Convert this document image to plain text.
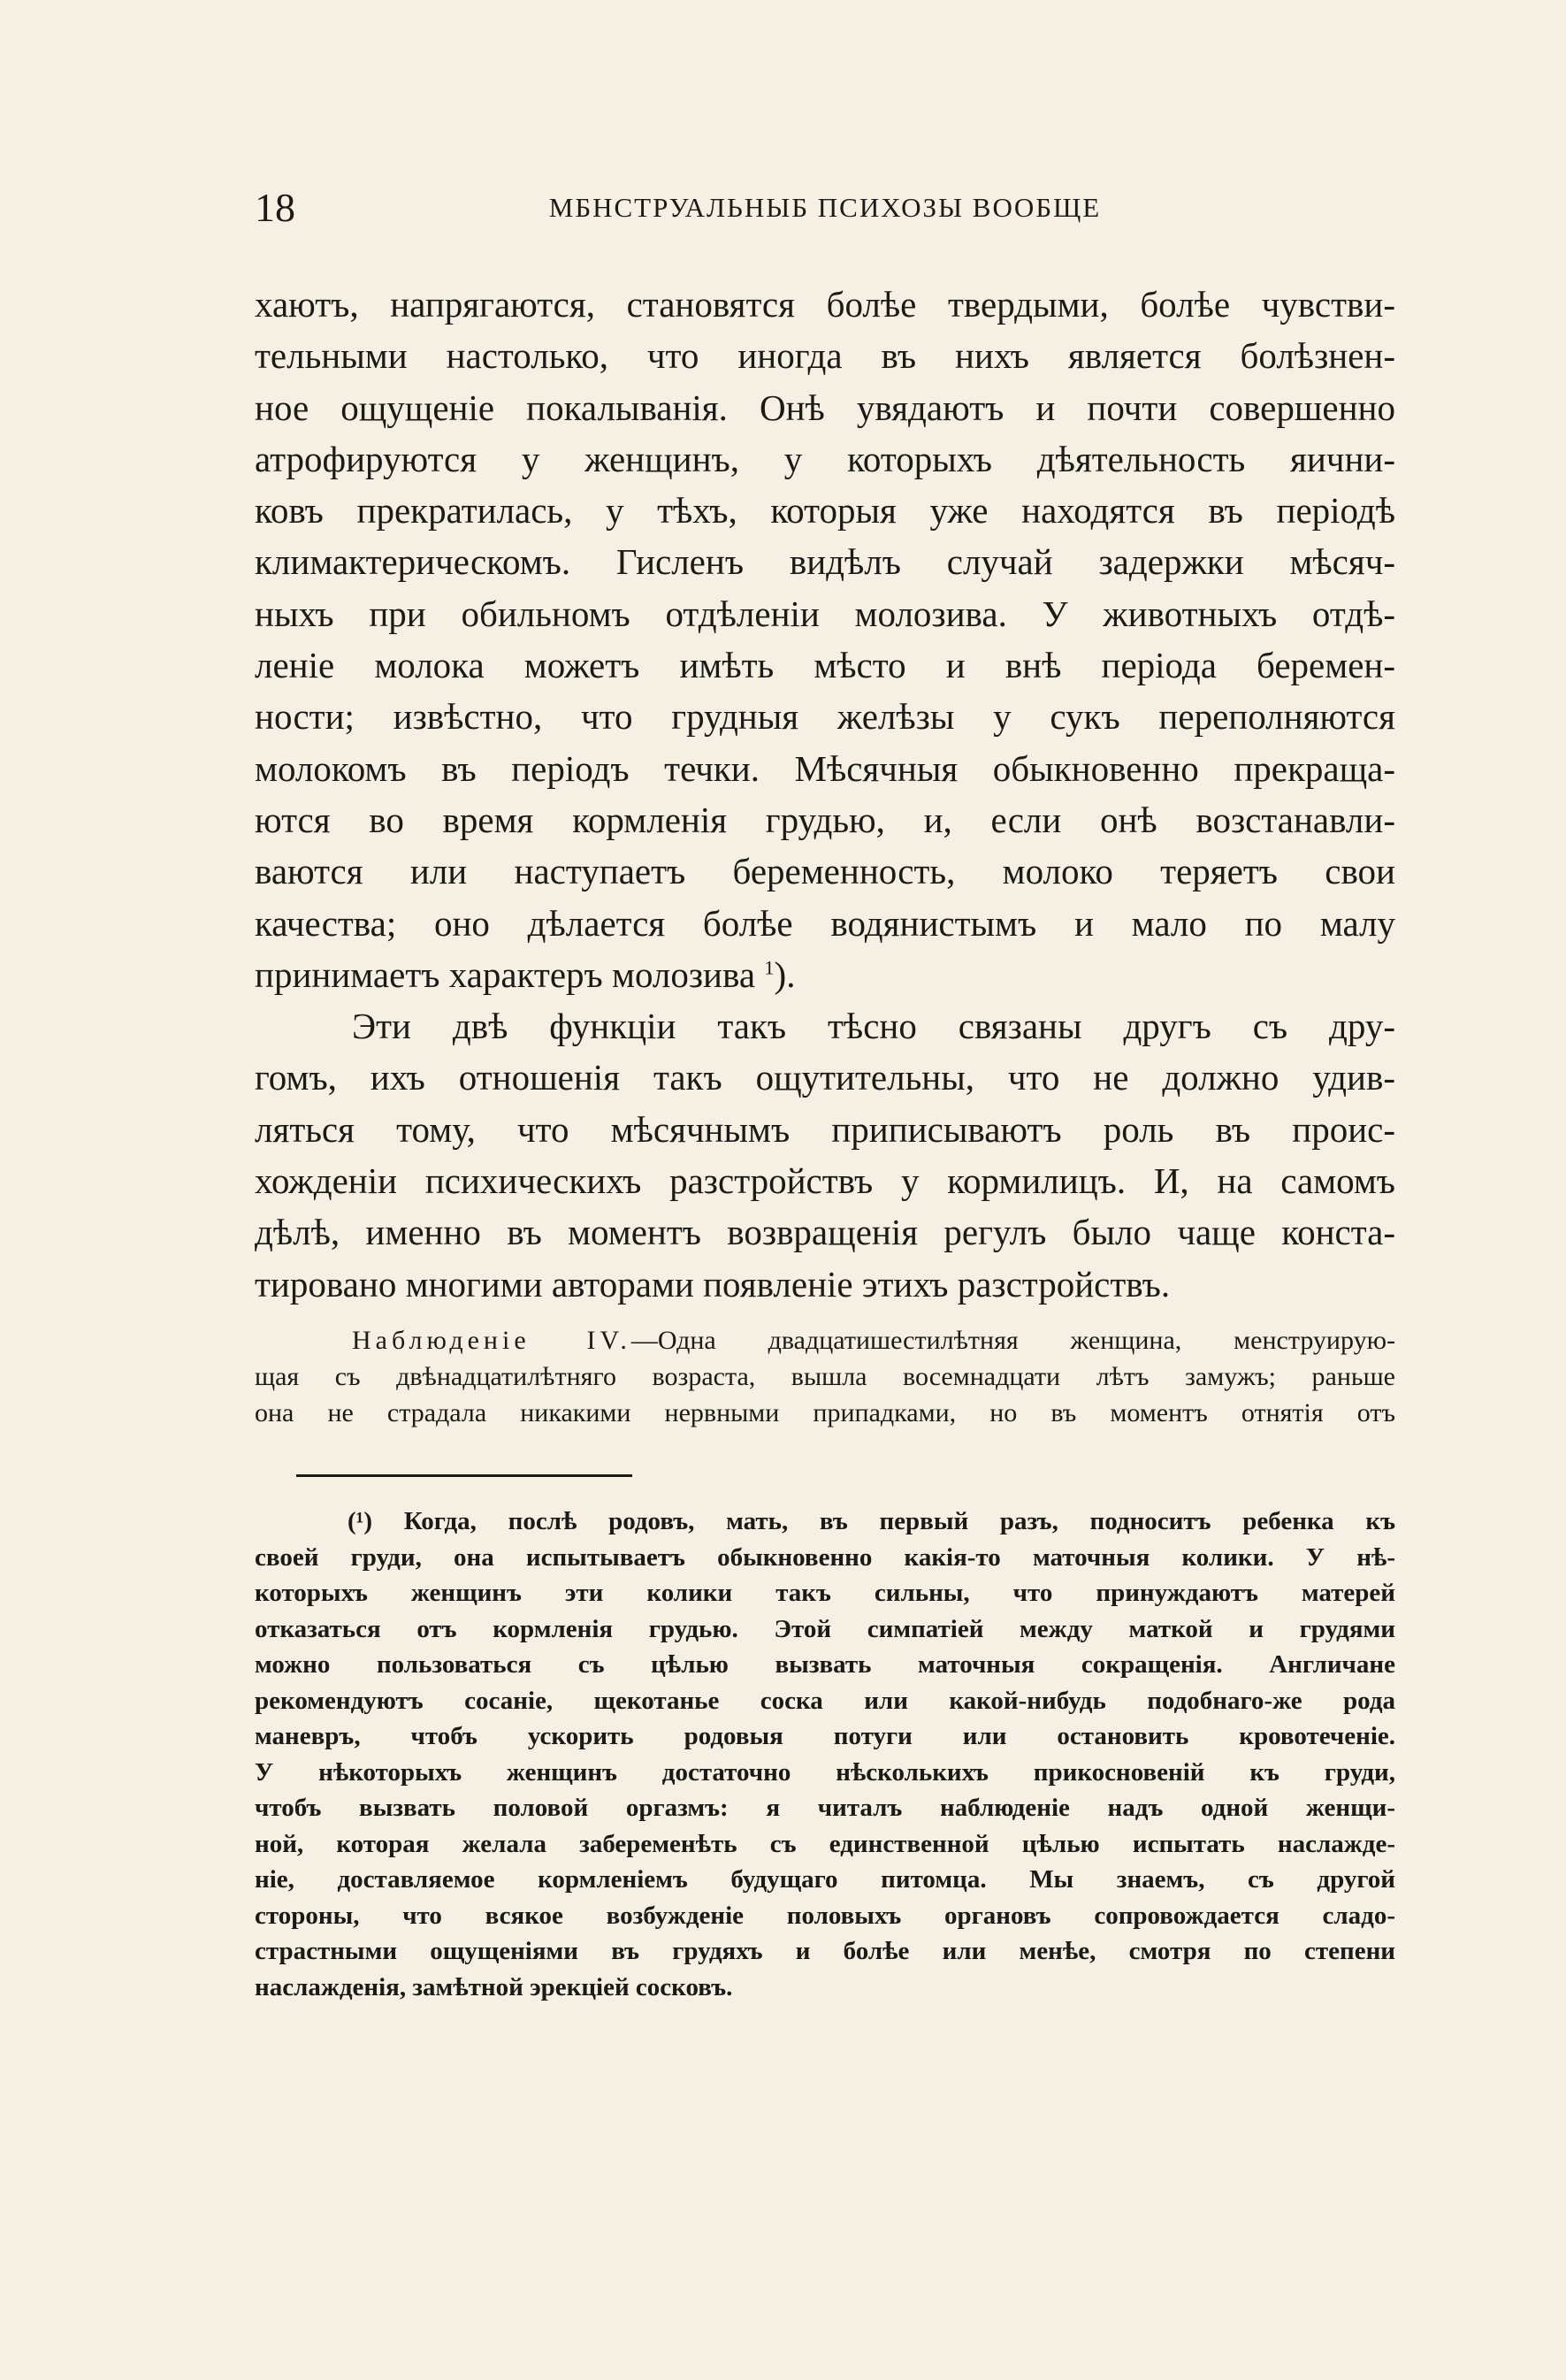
18	МБНСТРУАЛЬНЫБ ПСИХОЗЫ ВООБЩЕ
хаютъ, напрягаются, становятся болѣе твердыми, болѣе чувстви-
тельными настолько, что иногда въ нихъ является болѣзнен-
ное ощущеніе покалыванія. Онѣ увядаютъ и почти совершенно
атрофируются у женщинъ, у которыхъ дѣятельность яични-
ковъ прекратилась, у тѣхъ, которыя уже находятся въ періодѣ
климактерическомъ. Гисленъ видѣлъ случай задержки мѣсяч-
ныхъ при обильномъ отдѣленіи молозива. У животныхъ отдѣ-
леніе молока можетъ имѣть мѣсто и внѣ періода беремен-
ности; извѣстно, что грудныя желѣзы у сукъ переполняются
молокомъ въ періодъ течки. Мѣсячныя обыкновенно прекраща-
ются во время кормленія грудью, и, если онѣ возстанавли-
ваются или наступаетъ беременность, молоко теряетъ свои
качества; оно дѣлается болѣе водянистымъ и мало по малу
принимаетъ характеръ молозива $^1$).
Эти двѣ функціи такъ тѣсно связаны другъ съ дру-
гомъ, ихъ отношенія такъ ощутительны, что не должно удив-
ляться тому, что мѣсячнымъ приписываютъ роль въ проис-
хожденіи психическихъ разстройствъ у кормилицъ. И, на самомъ
дѣлѣ, именно въ моментъ возвращенія регулъ было чаще конста-
тировано многими авторами появленіе этихъ разстройствъ.
Наблюденіе IV.—Одна двадцатишестилѣтняя женщина, менструирую-
щая съ двѣнадцатилѣтняго возраста, вышла восемнадцати лѣтъ замужъ; раньше
она не страдала никакими нервными припадками, но въ моментъ отнятія отъ
(¹) Когда, послѣ родовъ, мать, въ первый разъ, подноситъ ребенка къ
своей груди, она испытываетъ обыкновенно какія-то маточныя колики. У нѣ-
которыхъ женщинъ эти колики такъ сильны, что принуждаютъ матерей
отказаться отъ кормленія грудью. Этой симпатіей между маткой и грудями
можно пользоваться съ цѣлью вызвать маточныя сокращенія. Англичане
рекомендуютъ сосаніе, щекотанье соска или какой-нибудь подобнаго-же рода
маневръ, чтобъ ускорить родовыя потуги или остановить кровотеченіе.
У нѣкоторыхъ женщинъ достаточно нѣсколькихъ прикосновеній къ груди,
чтобъ вызвать половой оргазмъ: я читалъ наблюденіе надъ одной женщи-
ной, которая желала забеременѣть съ единственной цѣлью испытать наслажде-
ніе, доставляемое кормленіемъ будущаго питомца. Мы знаемъ, съ другой
стороны, что всякое возбужденіе половыхъ органовъ сопровождается сладо-
страстными ощущеніями въ грудяхъ и болѣе или менѣе, смотря по степени
наслажденія, замѣтной эрекціей сосковъ.
